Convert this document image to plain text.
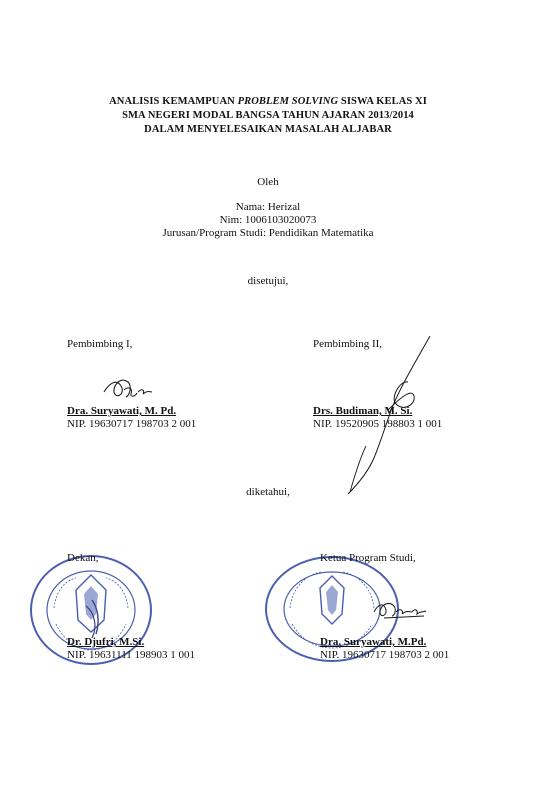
ANALISIS KEMAMPUAN PROBLEM SOLVING SISWA KELAS XI
SMA NEGERI MODAL BANGSA TAHUN AJARAN 2013/2014
DALAM MENYELESAIKAN MASALAH ALJABAR
Oleh
Nama: Herizal
Nim: 1006103020073
Jurusan/Program Studi: Pendidikan Matematika
disetujui,
Pembimbing I,
Dra. Suryawati, M. Pd.
NIP. 19630717 198703 2 001
Pembimbing II,
Drs. Budiman, M. Si.
NIP. 19520905 198803 1 001
diketahui,
Dekan,
Dr. Djufri, M.Si.
NIP. 19631111 198903 1 001
Ketua Program Studi,
Dra. Suryawati, M.Pd.
NIP. 19630717 198703 2 001
